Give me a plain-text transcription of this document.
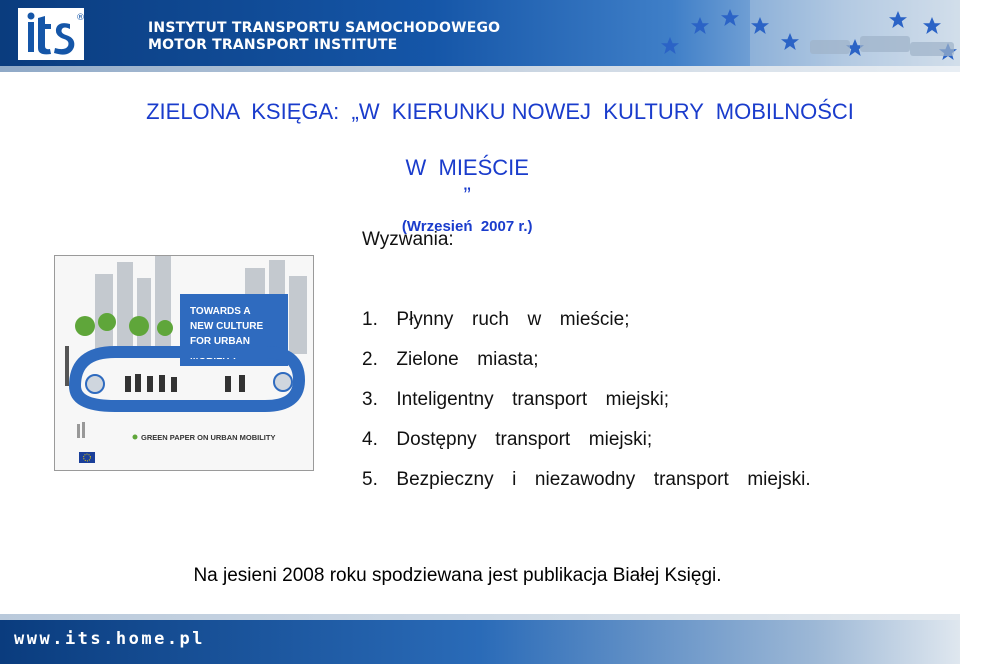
®
INSTYTUT TRANSPORTU SAMOCHODOWEGO
MOTOR TRANSPORT INSTITUTE
ZIELONA  KSIĘGA:  „W  KIERUNKU NOWEJ  KULTURY  MOBILNOŚCI

W  MIEŚCIE
”
(Wrzesień  2007 r.)

TOWARDS A
NEW CULTURE
FOR URBAN
MOBILITY
GREEN PAPER ON URBAN MOBILITY
Wyzwania:
1.  Płynny  ruch  w  mieście;
2.  Zielone  miasta;
3.  Inteligentny  transport  miejski;
4.  Dostępny  transport  miejski;
5.  Bezpieczny  i  niezawodny  transport  miejski.
Na jesieni 2008 roku spodziewana jest publikacja Białej Księgi.
www.its.home.pl
